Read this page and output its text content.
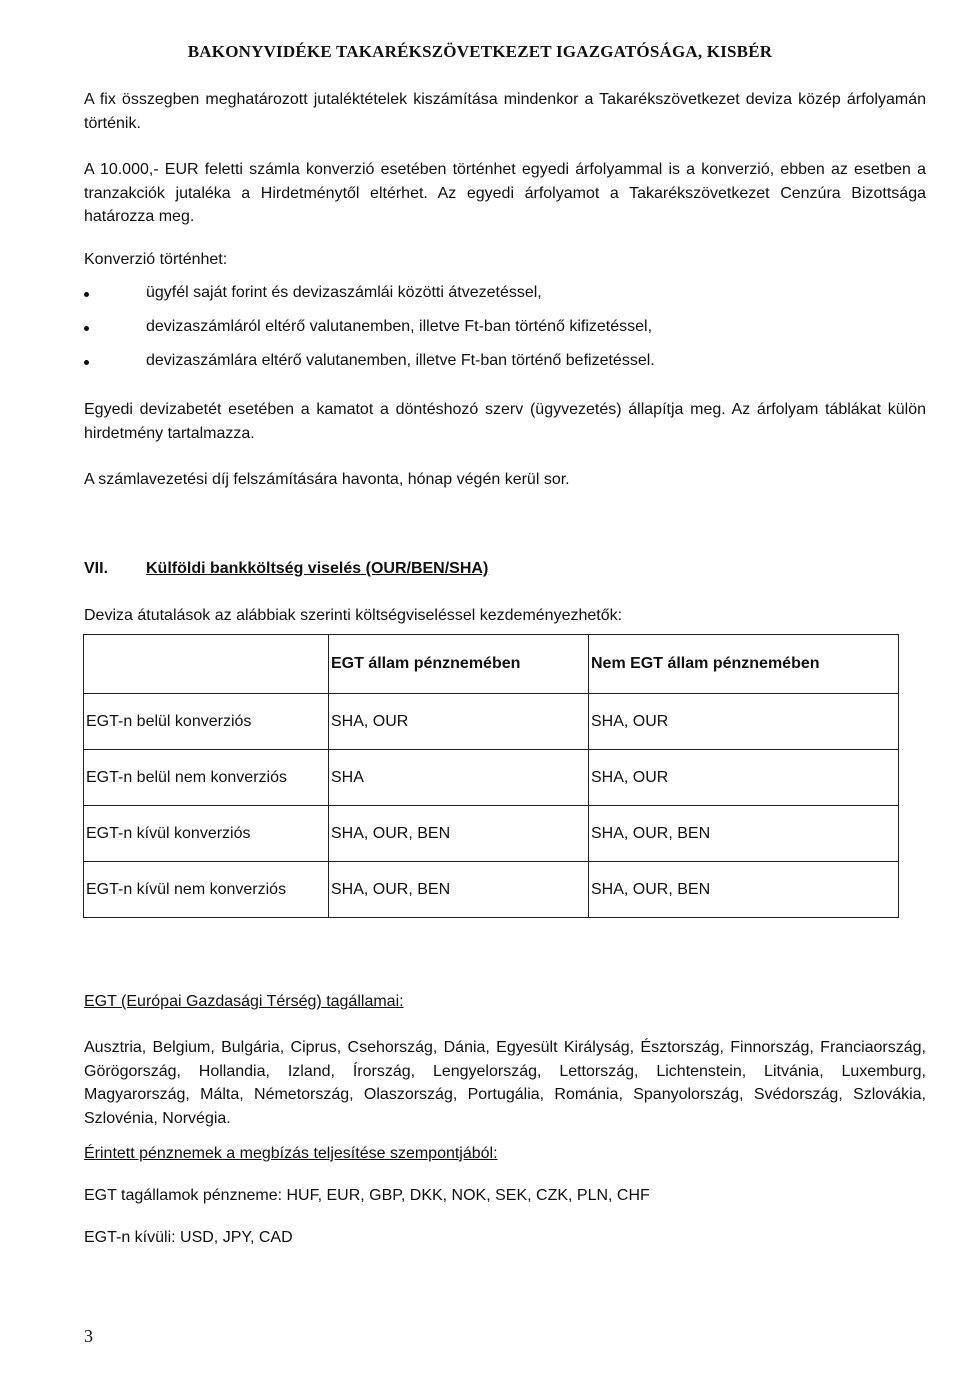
BAKONYVIDÉKE TAKARÉKSZÖVETKEZET IGAZGATÓSÁGA, KISBÉR
A fix összegben meghatározott jutaléktételek kiszámítása mindenkor a Takarékszövetkezet deviza közép árfolyamán történik.
A 10.000,- EUR feletti számla konverzió esetében történhet egyedi árfolyammal is a konverzió, ebben az esetben a tranzakciók jutaléka a Hirdetménytől eltérhet. Az egyedi árfolyamot a Takarékszövetkezet Cenzúra Bizottsága határozza meg.
Konverzió történhet:
ügyfél saját forint és devizaszámlái közötti átvezetéssel,
devizaszámláról eltérő valutanemben, illetve Ft-ban történő kifizetéssel,
devizaszámlára eltérő valutanemben, illetve Ft-ban történő befizetéssel.
Egyedi devizabetét esetében a kamatot a döntéshozó szerv (ügyvezetés) állapítja meg. Az árfolyam táblákat külön hirdetmény tartalmazza.
A számlavezetési díj felszámítására havonta, hónap végén kerül sor.
VII. Külföldi bankköltség viselés (OUR/BEN/SHA)
Deviza átutalások az alábbiak szerinti költségviseléssel kezdeményezhetők:
	EGT állam pénznemében	Nem EGT állam pénznemében
EGT-n belül konverziós	SHA, OUR	SHA, OUR
EGT-n belül nem konverziós	SHA	SHA, OUR
EGT-n kívül konverziós	SHA, OUR, BEN	SHA, OUR, BEN
EGT-n kívül nem konverziós	SHA, OUR, BEN	SHA, OUR, BEN
EGT (Európai Gazdasági Térség) tagállamai:
Ausztria, Belgium, Bulgária, Ciprus, Csehország, Dánia, Egyesült Királyság, Észtország, Finnország, Franciaország, Görögország, Hollandia, Izland, Írország, Lengyelország, Lettország, Lichtenstein, Litvánia, Luxemburg, Magyarország, Málta, Németország, Olaszország, Portugália, Románia, Spanyolország, Svédország, Szlovákia, Szlovénia, Norvégia.
Érintett pénznemek a megbízás teljesítése szempontjából:
EGT tagállamok pénzneme: HUF, EUR, GBP, DKK, NOK, SEK, CZK, PLN, CHF
EGT-n kívüli: USD, JPY, CAD
3
